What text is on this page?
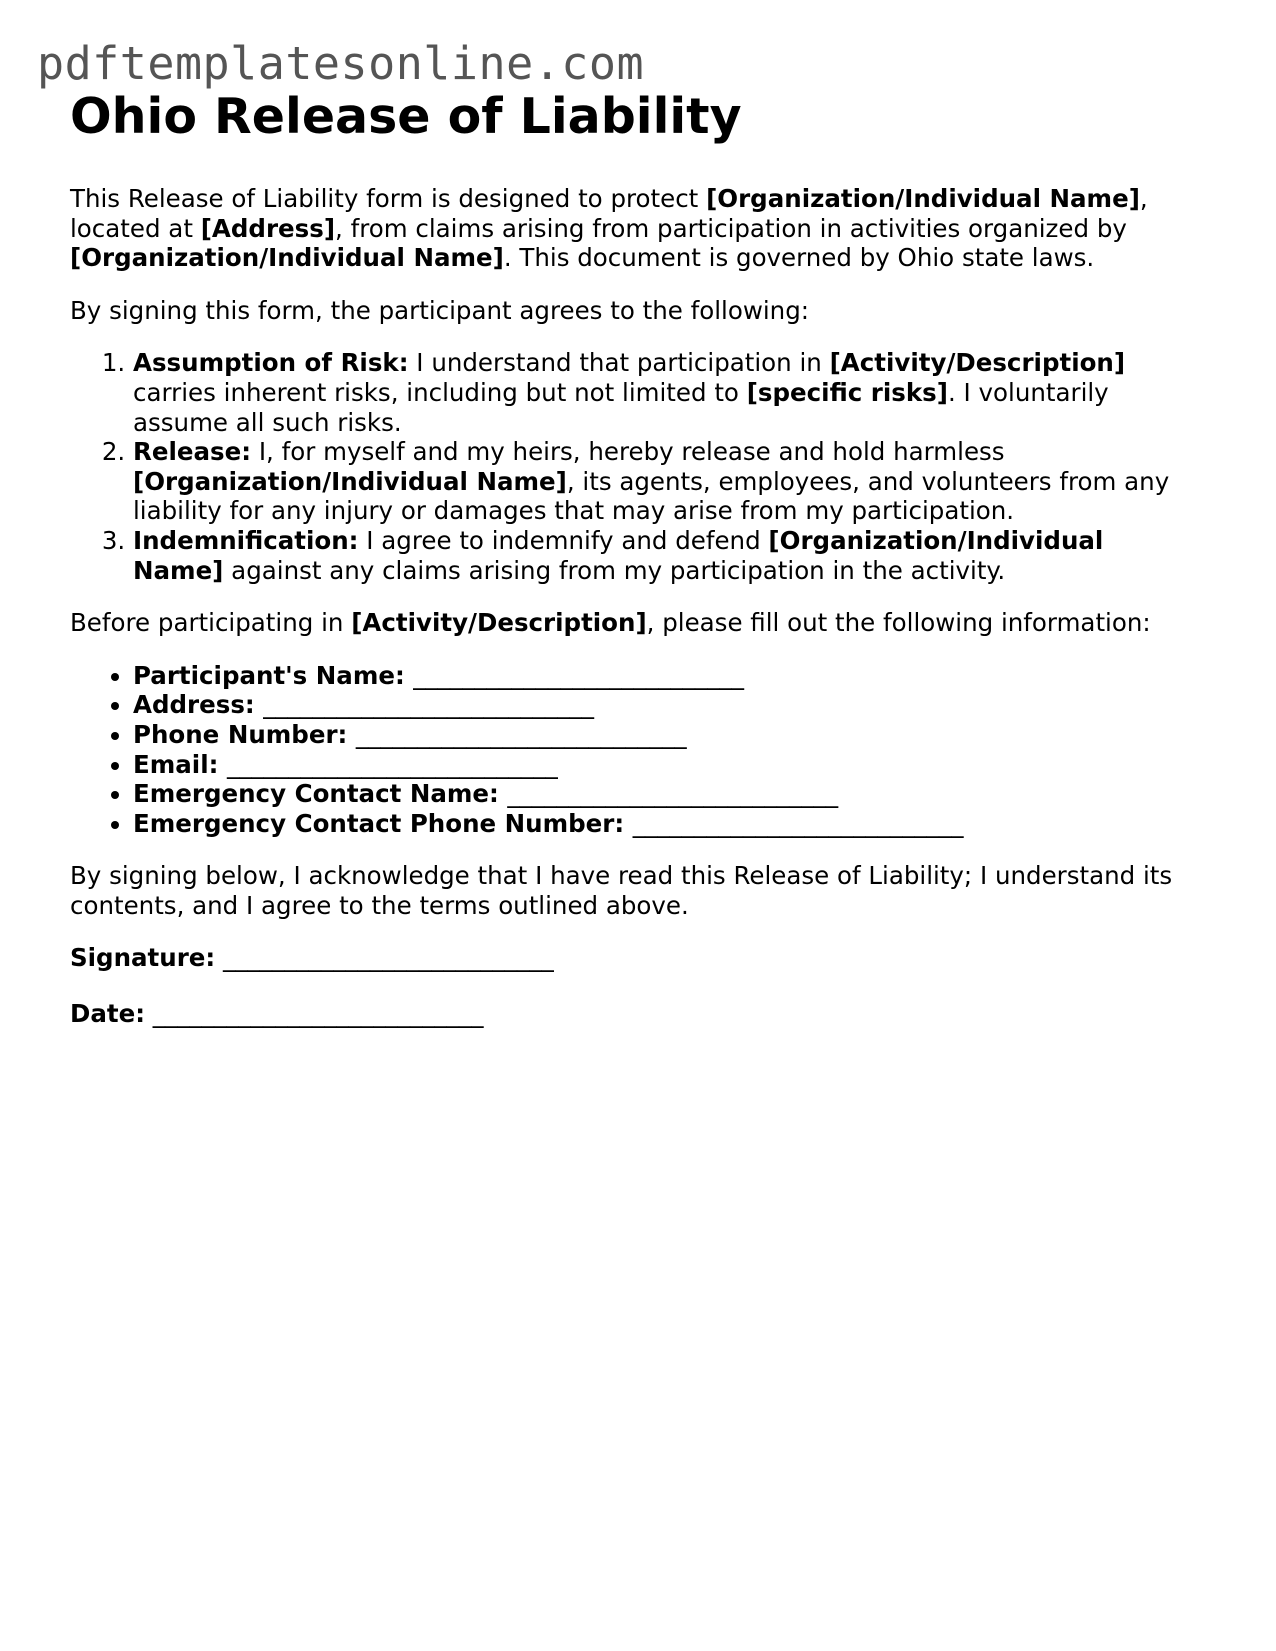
pdftemplatesonline.com
Ohio Release of Liability

This Release of Liability form is designed to protect [Organization/Individual Name], located at [Address], from claims arising from participation in activities organized by [Organization/Individual Name]. This document is governed by Ohio state laws.

By signing this form, the participant agrees to the following:

1. Assumption of Risk: I understand that participation in [Activity/Description] carries inherent risks, including but not limited to [specific risks]. I voluntarily assume all such risks.
2. Release: I, for myself and my heirs, hereby release and hold harmless [Organization/Individual Name], its agents, employees, and volunteers from any liability for any injury or damages that may arise from my participation.
3. Indemnification: I agree to indemnify and defend [Organization/Individual Name] against any claims arising from my participation in the activity.

Before participating in [Activity/Description], please fill out the following information:

• Participant's Name: ___________________________
• Address: ___________________________
• Phone Number: ___________________________
• Email: ___________________________
• Emergency Contact Name: ___________________________
• Emergency Contact Phone Number: ___________________________

By signing below, I acknowledge that I have read this Release of Liability; I understand its contents, and I agree to the terms outlined above.

Signature: ___________________________
Date: ___________________________
